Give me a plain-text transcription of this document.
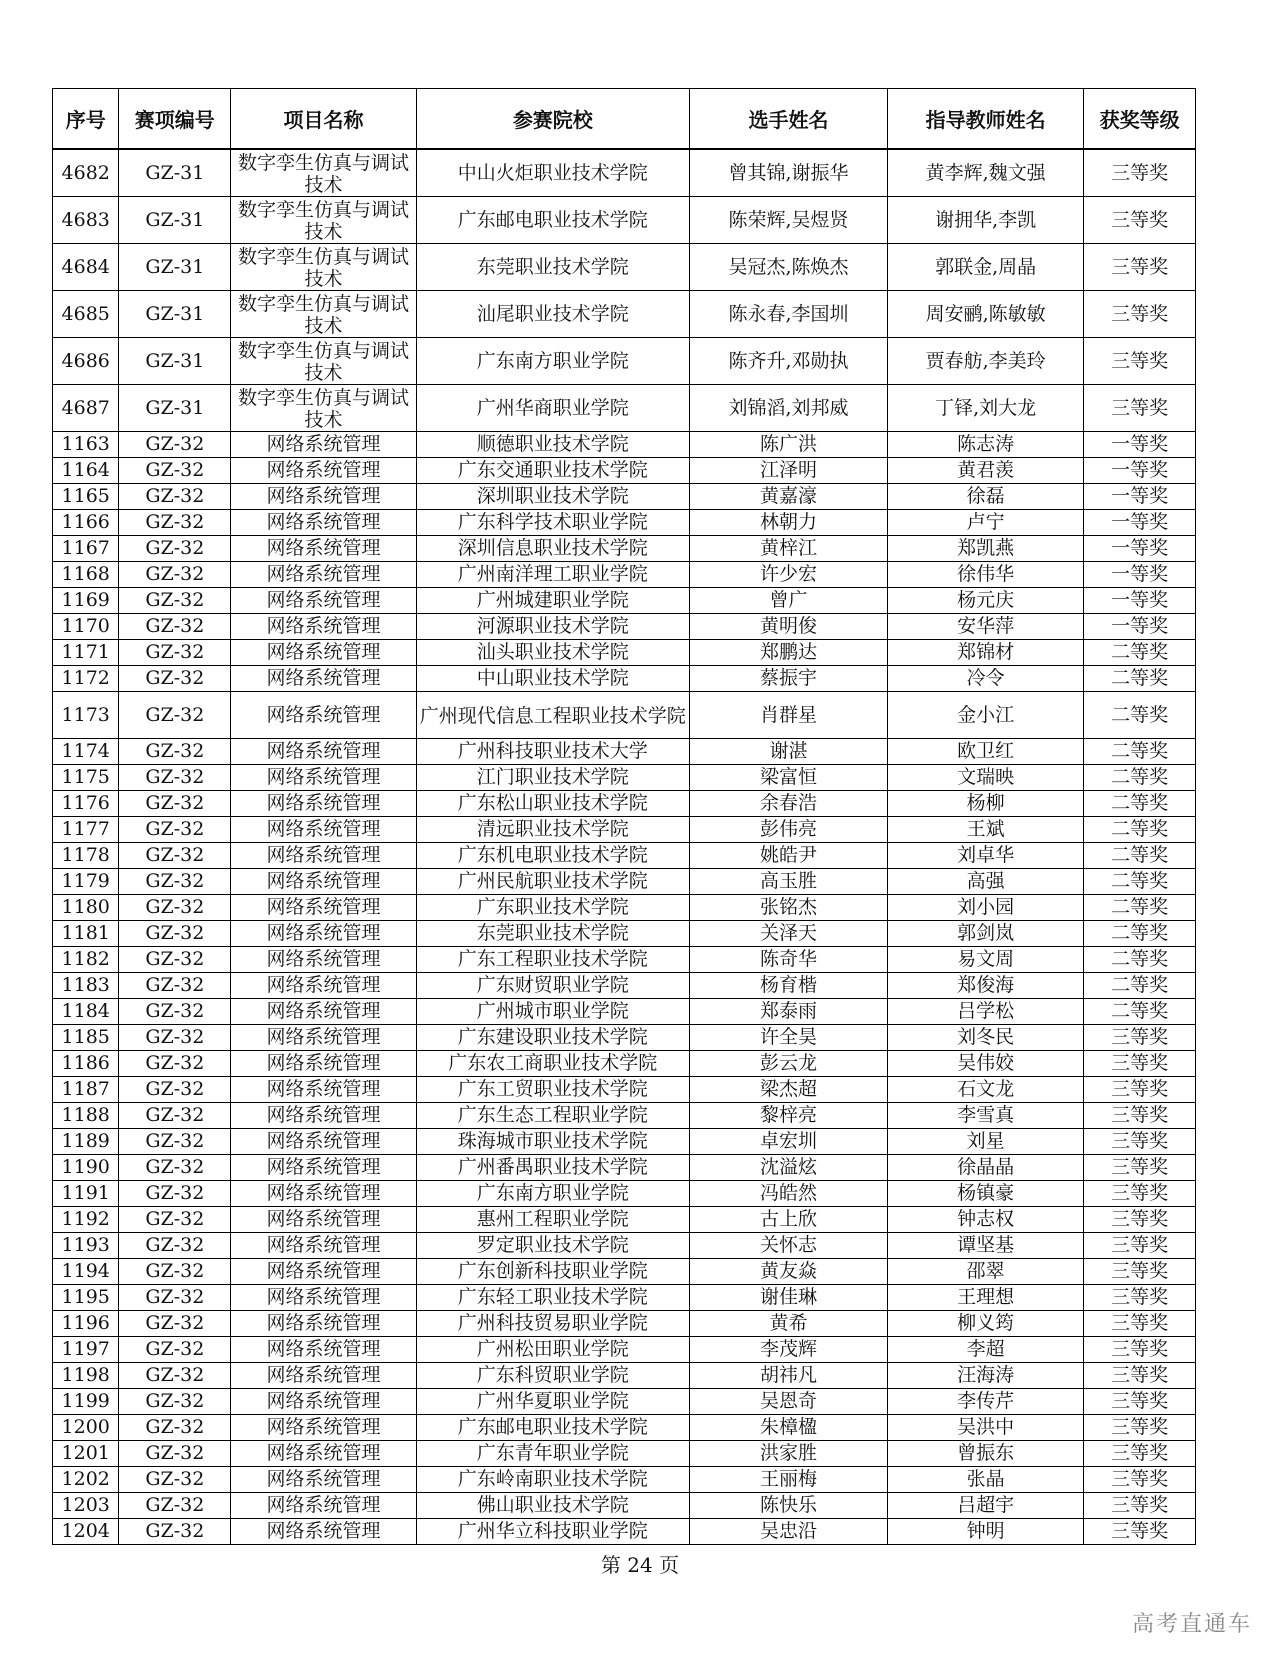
序号	赛项编号	项目名称	参赛院校	选手姓名	指导教师姓名	获奖等级
4682	GZ-31	数字孪生仿真与调试技术	中山火炬职业技术学院	曾其锦,谢振华	黄李辉,魏文强	三等奖
4683	GZ-31	数字孪生仿真与调试技术	广东邮电职业技术学院	陈荣辉,吴煜贤	谢拥华,李凯	三等奖
4684	GZ-31	数字孪生仿真与调试技术	东莞职业技术学院	吴冠杰,陈焕杰	郭联金,周晶	三等奖
4685	GZ-31	数字孪生仿真与调试技术	汕尾职业技术学院	陈永春,李国圳	周安鹂,陈敏敏	三等奖
4686	GZ-31	数字孪生仿真与调试技术	广东南方职业学院	陈齐升,邓勋执	贾春舫,李美玲	三等奖
4687	GZ-31	数字孪生仿真与调试技术	广州华商职业学院	刘锦滔,刘邦威	丁铎,刘大龙	三等奖
1163	GZ-32	网络系统管理	顺德职业技术学院	陈广洪	陈志涛	一等奖
1164	GZ-32	网络系统管理	广东交通职业技术学院	江泽明	黄君羡	一等奖
1165	GZ-32	网络系统管理	深圳职业技术学院	黄嘉濠	徐磊	一等奖
1166	GZ-32	网络系统管理	广东科学技术职业学院	林朝力	卢宁	一等奖
1167	GZ-32	网络系统管理	深圳信息职业技术学院	黄梓江	郑凯燕	一等奖
1168	GZ-32	网络系统管理	广州南洋理工职业学院	许少宏	徐伟华	一等奖
1169	GZ-32	网络系统管理	广州城建职业学院	曾广	杨元庆	一等奖
1170	GZ-32	网络系统管理	河源职业技术学院	黄明俊	安华萍	一等奖
1171	GZ-32	网络系统管理	汕头职业技术学院	郑鹏达	郑锦材	二等奖
1172	GZ-32	网络系统管理	中山职业技术学院	蔡振宇	冷令	二等奖
1173	GZ-32	网络系统管理	广州现代信息工程职业技术学院	肖群星	金小江	二等奖
1174	GZ-32	网络系统管理	广州科技职业技术大学	谢湛	欧卫红	二等奖
1175	GZ-32	网络系统管理	江门职业技术学院	梁富恒	文瑞映	二等奖
1176	GZ-32	网络系统管理	广东松山职业技术学院	余春浩	杨柳	二等奖
1177	GZ-32	网络系统管理	清远职业技术学院	彭伟亮	王斌	二等奖
1178	GZ-32	网络系统管理	广东机电职业技术学院	姚皓尹	刘卓华	二等奖
1179	GZ-32	网络系统管理	广州民航职业技术学院	高玉胜	高强	二等奖
1180	GZ-32	网络系统管理	广东职业技术学院	张铭杰	刘小园	二等奖
1181	GZ-32	网络系统管理	东莞职业技术学院	关泽天	郭剑岚	二等奖
1182	GZ-32	网络系统管理	广东工程职业技术学院	陈奇华	易文周	二等奖
1183	GZ-32	网络系统管理	广东财贸职业学院	杨育楷	郑俊海	二等奖
1184	GZ-32	网络系统管理	广州城市职业学院	郑泰雨	吕学松	二等奖
1185	GZ-32	网络系统管理	广东建设职业技术学院	许全昊	刘冬民	三等奖
1186	GZ-32	网络系统管理	广东农工商职业技术学院	彭云龙	吴伟姣	三等奖
1187	GZ-32	网络系统管理	广东工贸职业技术学院	梁杰超	石文龙	三等奖
1188	GZ-32	网络系统管理	广东生态工程职业学院	黎梓亮	李雪真	三等奖
1189	GZ-32	网络系统管理	珠海城市职业技术学院	卓宏圳	刘星	三等奖
1190	GZ-32	网络系统管理	广州番禺职业技术学院	沈溢炫	徐晶晶	三等奖
1191	GZ-32	网络系统管理	广东南方职业学院	冯皓然	杨镇豪	三等奖
1192	GZ-32	网络系统管理	惠州工程职业学院	古上欣	钟志权	三等奖
1193	GZ-32	网络系统管理	罗定职业技术学院	关怀志	谭坚基	三等奖
1194	GZ-32	网络系统管理	广东创新科技职业学院	黄友焱	邵翠	三等奖
1195	GZ-32	网络系统管理	广东轻工职业技术学院	谢佳琳	王理想	三等奖
1196	GZ-32	网络系统管理	广州科技贸易职业学院	黄希	柳义筠	三等奖
1197	GZ-32	网络系统管理	广州松田职业学院	李茂辉	李超	三等奖
1198	GZ-32	网络系统管理	广东科贸职业学院	胡祎凡	汪海涛	三等奖
1199	GZ-32	网络系统管理	广州华夏职业学院	吴恩奇	李传芹	三等奖
1200	GZ-32	网络系统管理	广东邮电职业技术学院	朱樟楹	吴洪中	三等奖
1201	GZ-32	网络系统管理	广东青年职业学院	洪家胜	曾振东	三等奖
1202	GZ-32	网络系统管理	广东岭南职业技术学院	王丽梅	张晶	三等奖
1203	GZ-32	网络系统管理	佛山职业技术学院	陈快乐	吕超宇	三等奖
1204	GZ-32	网络系统管理	广州华立科技职业学院	吴忠沿	钟明	三等奖
第 24 页
高考直通车
